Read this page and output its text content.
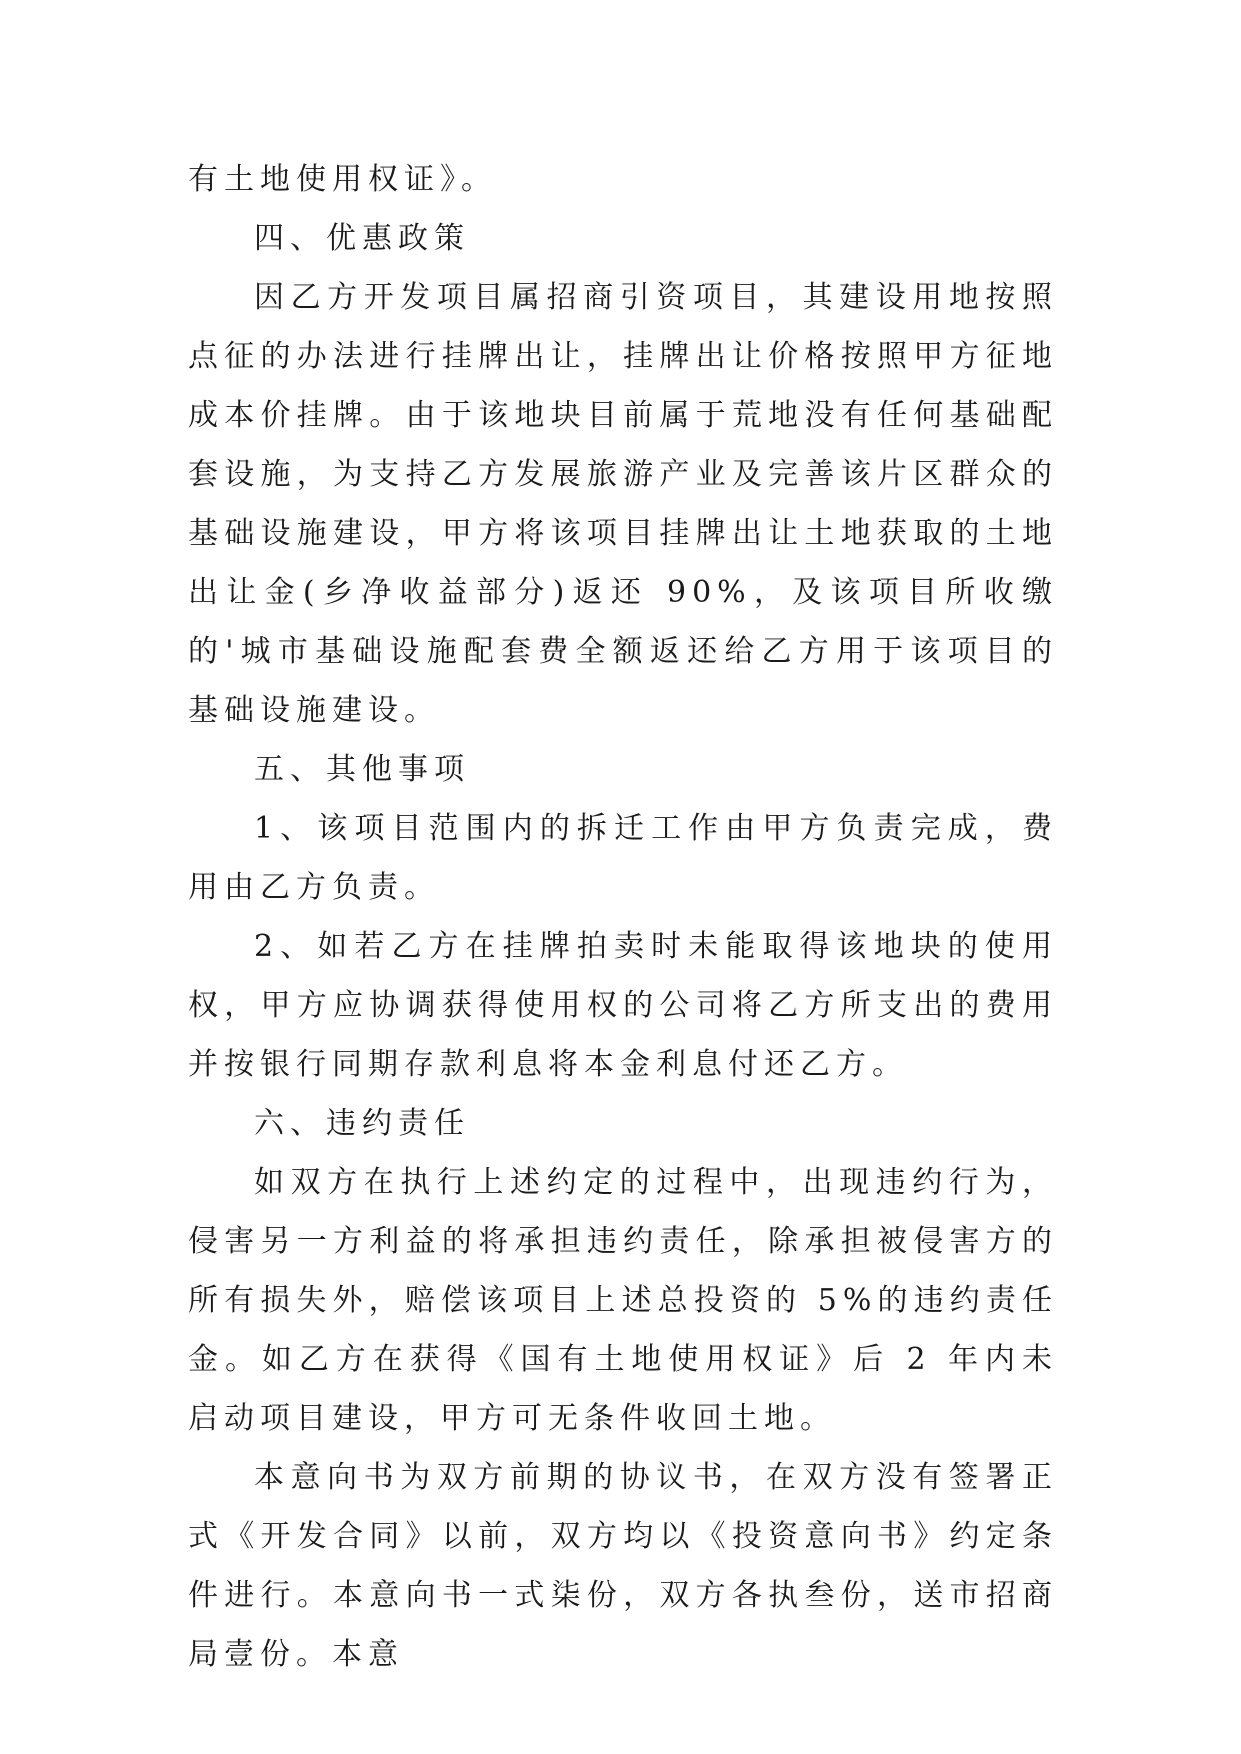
有土地使用权证》。

四、优惠政策

因乙方开发项目属招商引资项目，其建设用地按照点征的办法进行挂牌出让，挂牌出让价格按照甲方征地成本价挂牌。由于该地块目前属于荒地没有任何基础配套设施，为支持乙方发展旅游产业及完善该片区群众的基础设施建设，甲方将该项目挂牌出让土地获取的土地出让金(乡净收益部分)返还 90%，及该项目所收缴的'城市基础设施配套费全额返还给乙方用于该项目的基础设施建设。

五、其他事项

1、该项目范围内的拆迁工作由甲方负责完成，费用由乙方负责。

2、如若乙方在挂牌拍卖时未能取得该地块的使用权，甲方应协调获得使用权的公司将乙方所支出的费用并按银行同期存款利息将本金利息付还乙方。

六、违约责任

如双方在执行上述约定的过程中，出现违约行为，侵害另一方利益的将承担违约责任，除承担被侵害方的所有损失外，赔偿该项目上述总投资的 5%的违约责任金。如乙方在获得《国有土地使用权证》后 2 年内未启动项目建设，甲方可无条件收回土地。

本意向书为双方前期的协议书，在双方没有签署正式《开发合同》以前，双方均以《投资意向书》约定条件进行。本意向书一式柒份，双方各执叁份，送市招商局壹份。本意
